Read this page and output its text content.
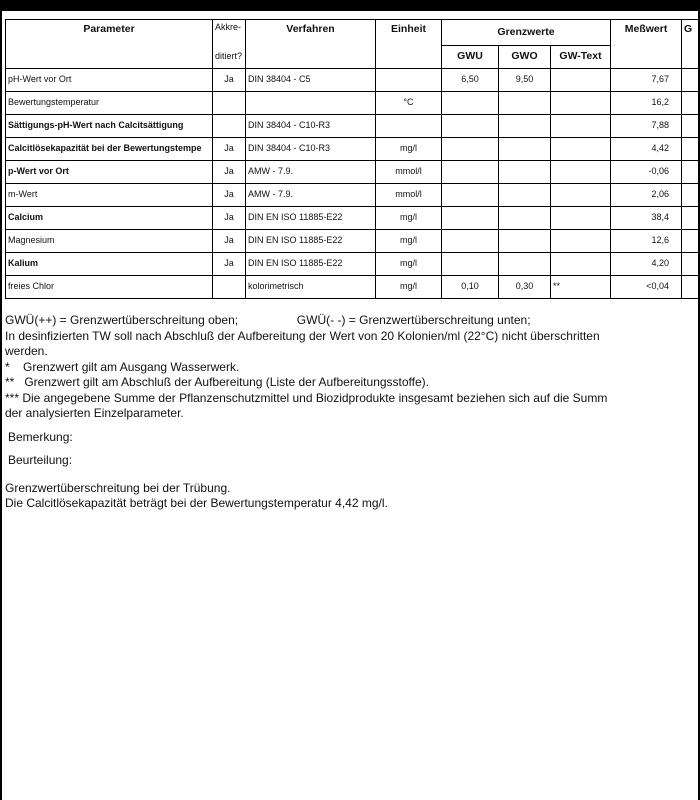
Parameter	Akkre-	Verfahren	Einheit	Grenzwerte			Meßwert	G
	ditiert?			GWU	GWO	GW-Text		
pH-Wert vor Ort	Ja	DIN 38404 - C5		6,50	9,50		7,67	
Bewertungstemperatur			°C				16,2	
Sättigungs-pH-Wert nach Calcitsättigung		DIN 38404 - C10-R3					7,88	
Calcitlösekapazität bei der Bewertungstempe	Ja	DIN 38404 - C10-R3	mg/l				4,42	
p-Wert vor Ort	Ja	AMW - 7.9.	mmol/l				-0,06	
m-Wert	Ja	AMW - 7.9.	mmol/l				2,06	
Calcium	Ja	DIN EN ISO 11885-E22	mg/l				38,4	
Magnesium	Ja	DIN EN ISO 11885-E22	mg/l				12,6	
Kalium	Ja	DIN EN ISO 11885-E22	mg/l				4,20	
freies Chlor		kolorimetrisch	mg/l	0,10	0,30	**	<0,04	

GWÜ(++) = Grenzwertüberschreitung oben;	GWÜ(- -) = Grenzwertüberschreitung unten;

In desinfizierten TW soll nach Abschluß der Aufbereitung der Wert von 20 Kolonien/ml (22°C) nicht überschritten

werden.

*    Grenzwert gilt am Ausgang Wasserwerk.

**   Grenzwert gilt am Abschluß der Aufbereitung (Liste der Aufbereitungsstoffe).

*** Die angegebene Summe der Pflanzenschutzmittel und Biozidprodukte insgesamt beziehen sich auf die Summ

der analysierten Einzelparameter.

Bemerkung:

Beurteilung:

Grenzwertüberschreitung bei der Trübung.

Die Calcitlösekapazität beträgt bei der Bewertungstemperatur 4,42 mg/l.
